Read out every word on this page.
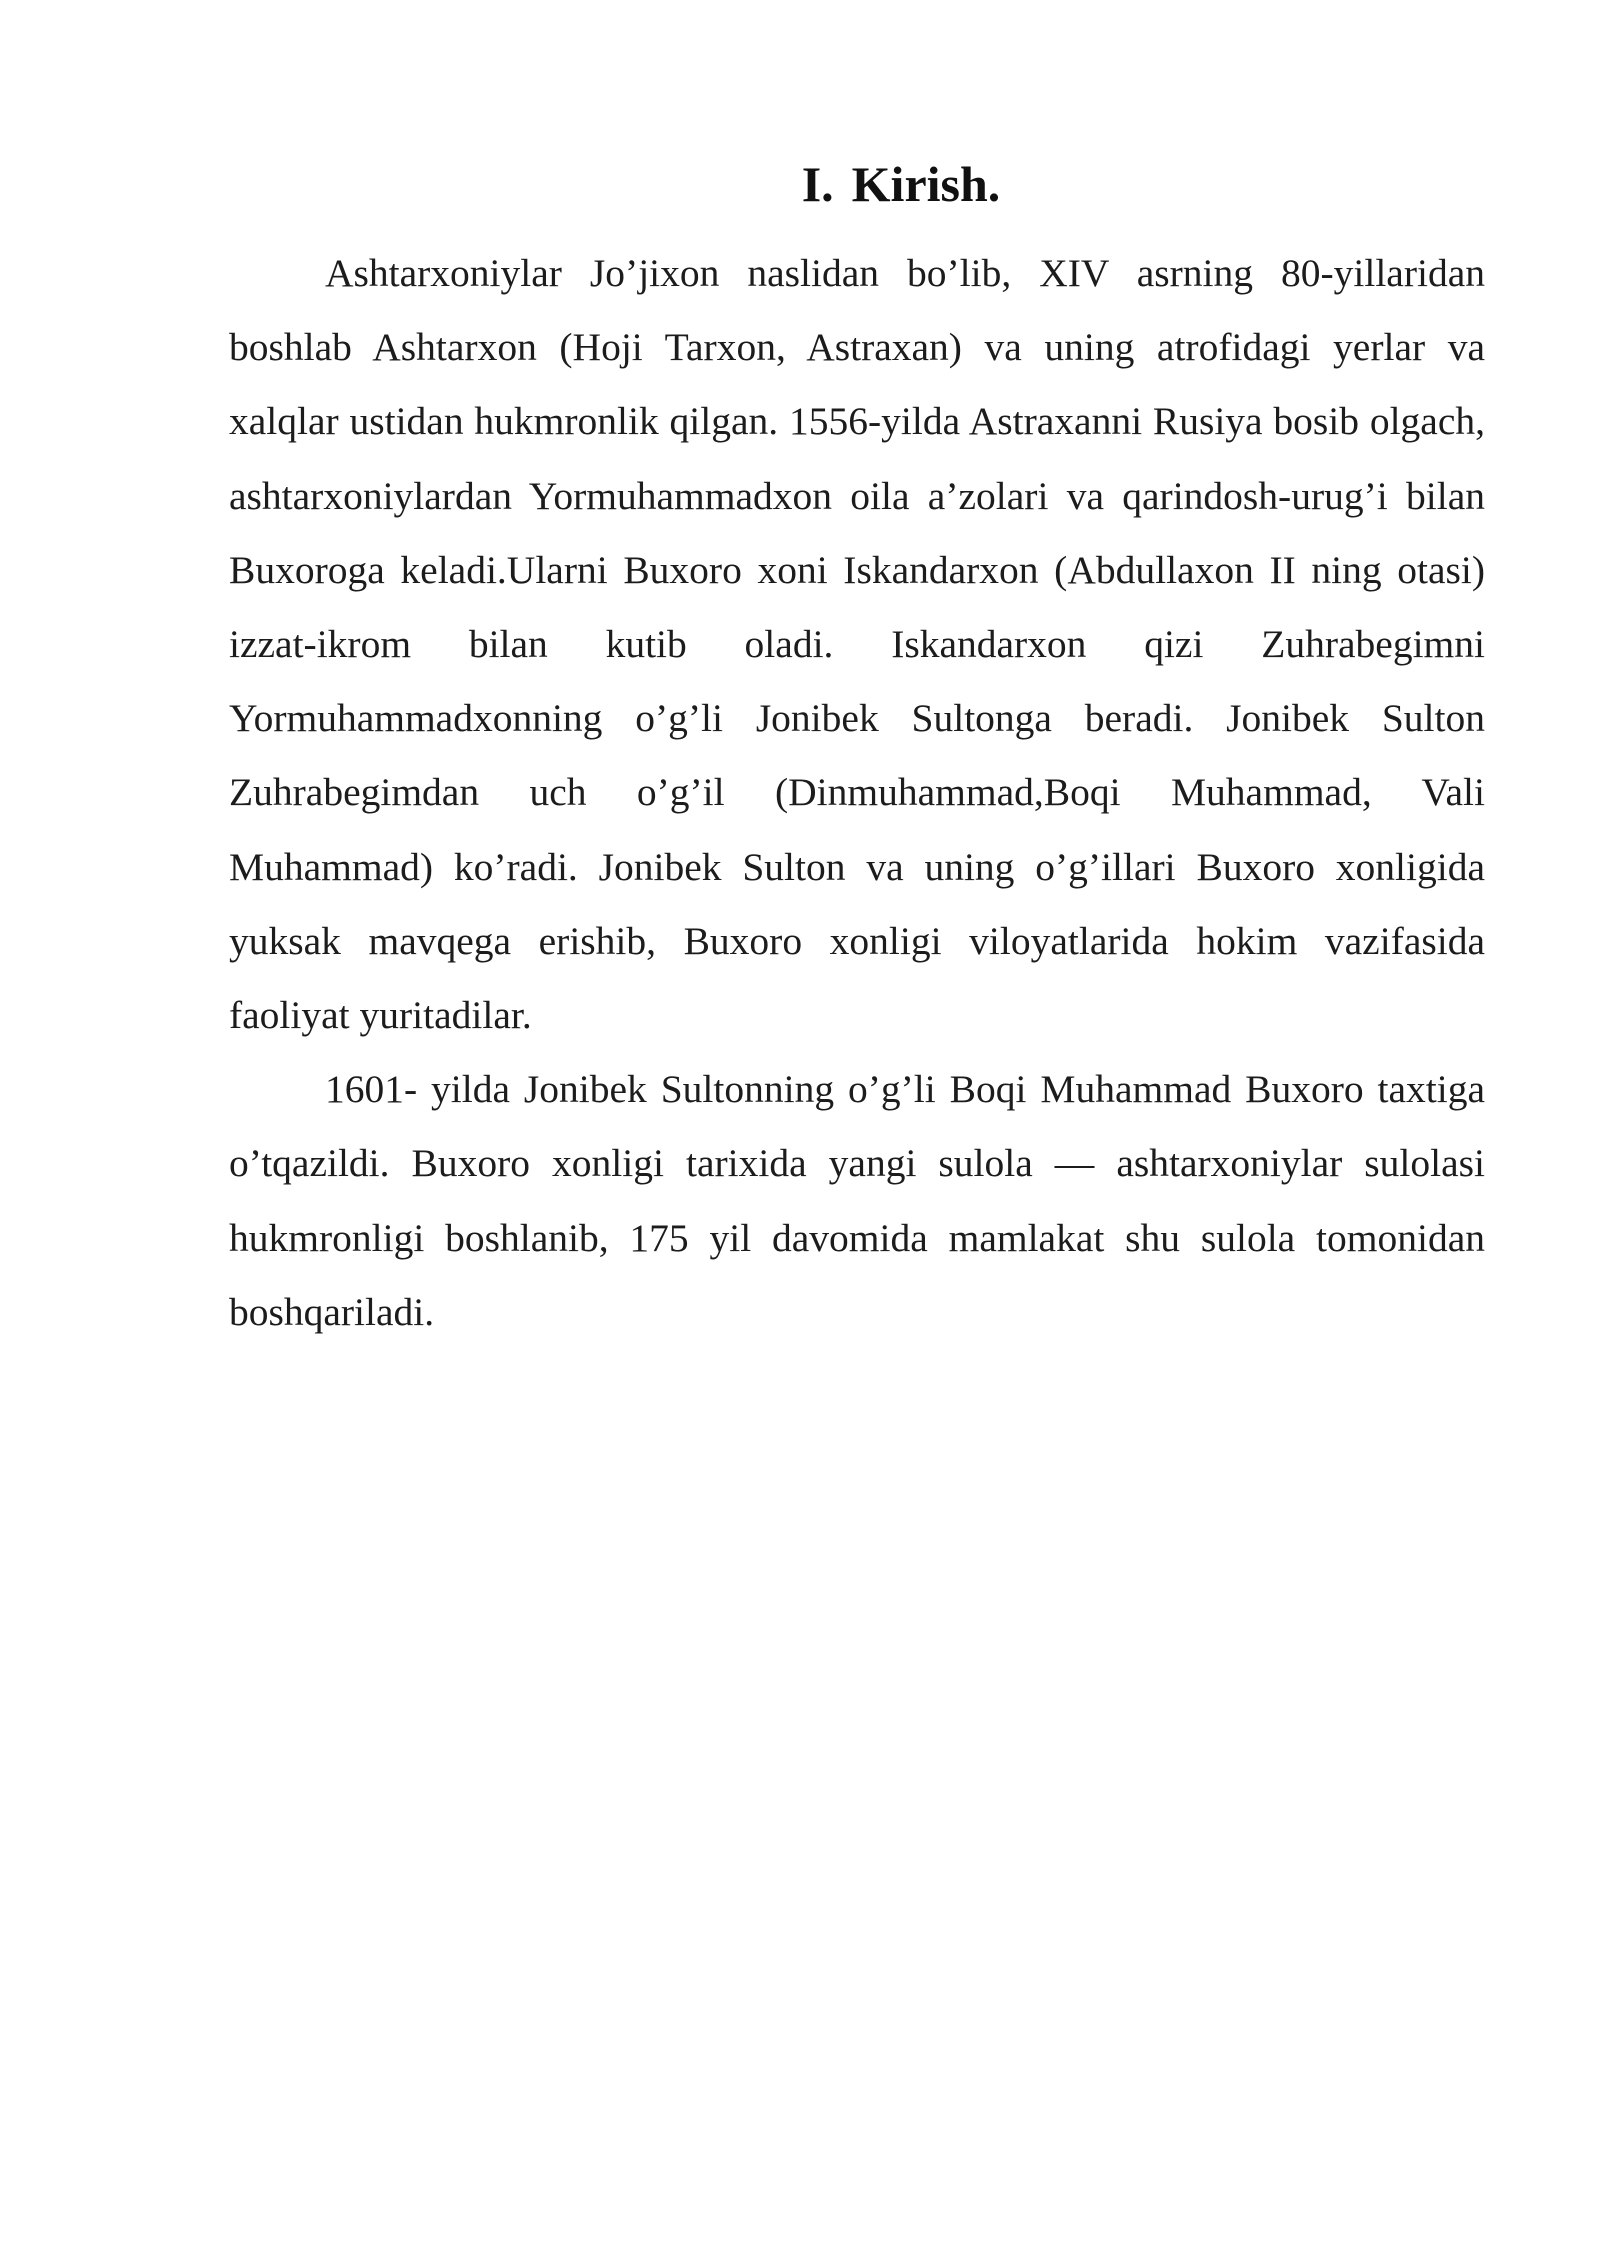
I. Kirish.

Ashtarxoniylar Jo’jixon naslidan bo’lib, XIV asrning 80-yillaridan boshlab Ashtarxon (Hoji Tarxon, Astraxan) va uning atrofidagi yerlar va xalqlar ustidan hukmronlik qilgan. 1556-yilda Astraxanni Rusiya bosib olgach, ashtarxoniylardan Yormuhammadxon oila a’zolari va qarindosh-urug’i bilan Buxoroga keladi.Ularni Buxoro xoni Iskandarxon (Abdullaxon II ning otasi) izzat-ikrom bilan kutib oladi. Iskandarxon qizi Zuhrabegimni Yormuhammadxonning o’g’li Jonibek Sultonga beradi. Jonibek Sulton Zuhrabegimdan uch o’g’il (Dinmuhammad,Boqi Muhammad, Vali Muhammad) ko’radi. Jonibek Sulton va uning o’g’illari Buxoro xonligida yuksak mavqega erishib, Buxoro xonligi viloyatlarida hokim vazifasida faoliyat yuritadilar.

1601- yilda Jonibek Sultonning o’g’li Boqi Muhammad Buxoro taxtiga o’tqazildi. Buxoro xonligi tarixida yangi sulola — ashtarxoniylar sulolasi hukmronligi boshlanib, 175 yil davomida mamlakat shu sulola tomonidan boshqariladi.
